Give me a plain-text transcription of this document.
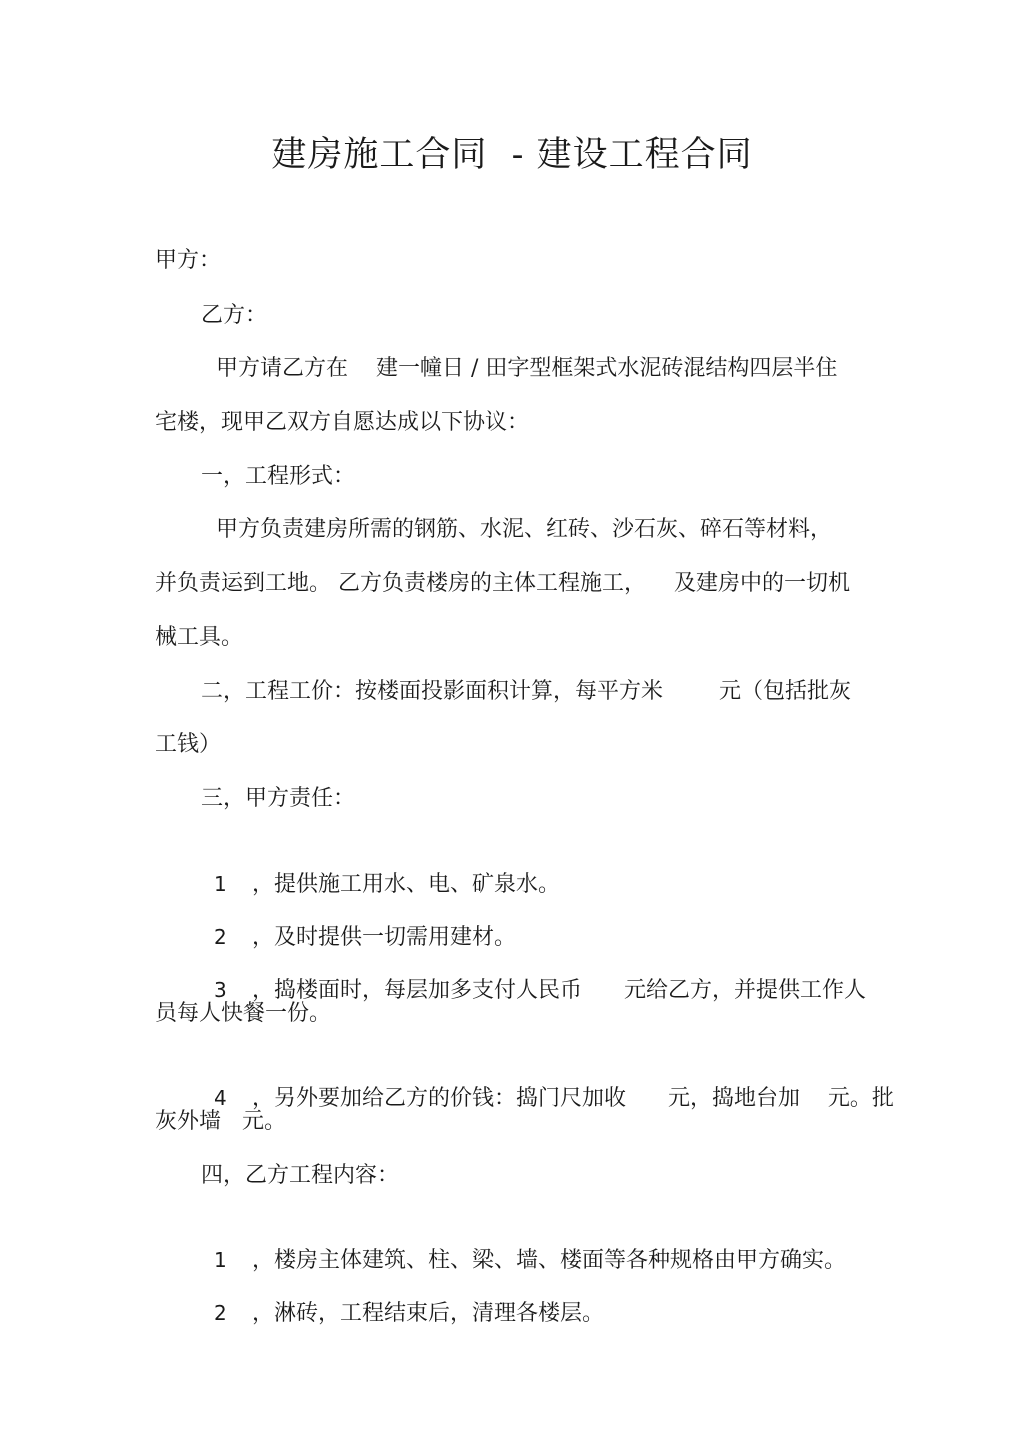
建房施工合同  - 建设工程合同
甲方：
乙方：
甲方请乙方在    建一幢日 / 田字型框架式水泥砖混结构四层半住
宅楼，现甲乙双方自愿达成以下协议：
一，工程形式：
甲方负责建房所需的钢筋、水泥、红砖、沙石灰、碎石等材料，
并负责运到工地。 乙方负责楼房的主体工程施工，    及建房中的一切机
械工具。
二，工程工价：按楼面投影面积计算，每平方米        元（包括批灰
工钱）
三，甲方责任：

1 ，提供施工用水、电、矿泉水。

2 ，及时提供一切需用建材。

3 ，捣楼面时，每层加多支付人民币      元给乙方，并提供工作人

员每人快餐一份。

4 ，另外要加给乙方的价钱：捣门尺加收      元，捣地台加    元。批

灰外墙   元。
四，乙方工程内容：

1 ，楼房主体建筑、柱、梁、墙、楼面等各种规格由甲方确实。

2 ，淋砖，工程结束后，清理各楼层。
